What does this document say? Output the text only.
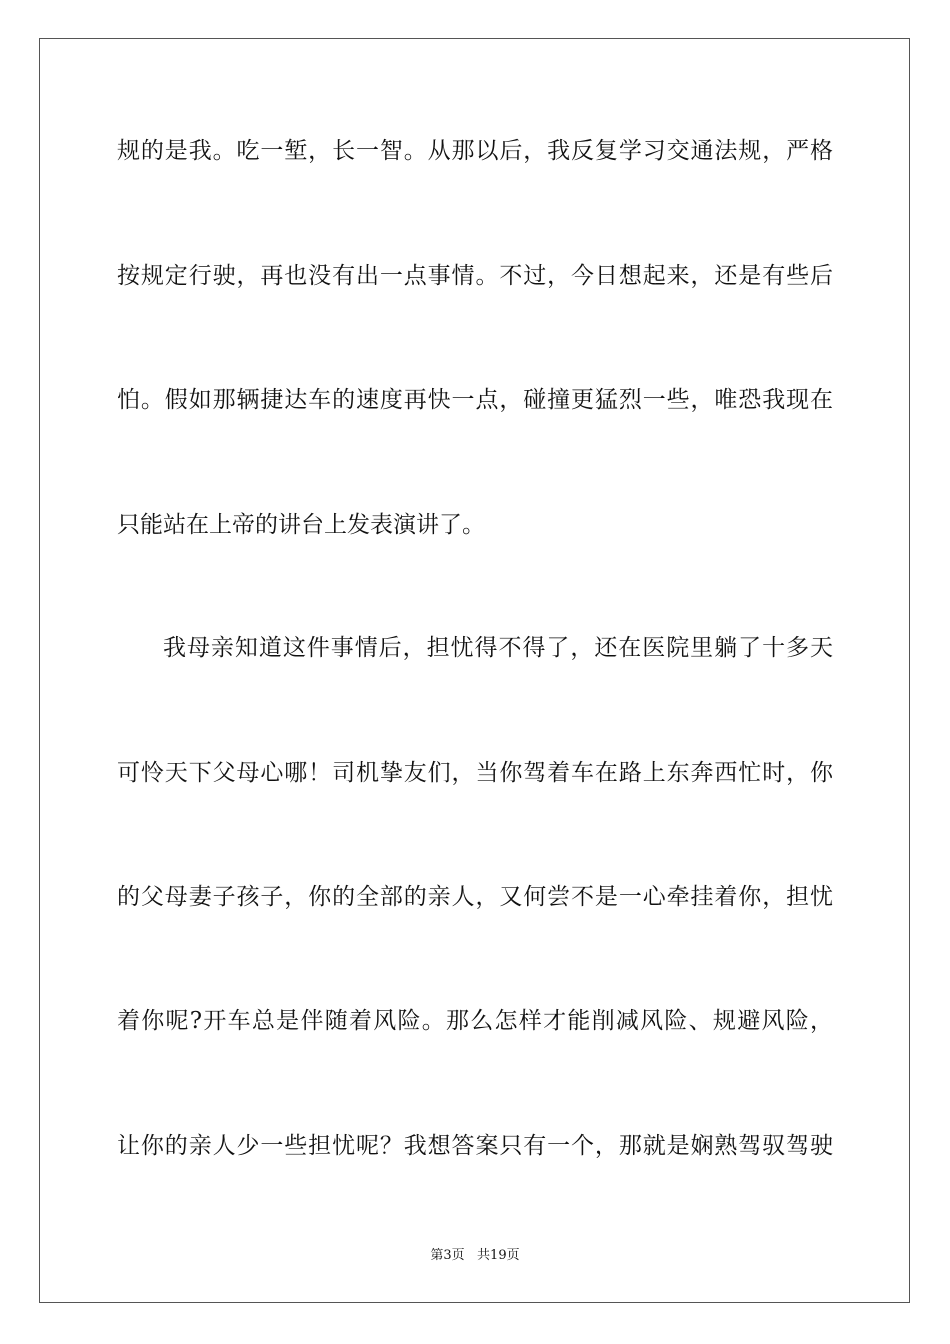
规的是我。吃一堑，长一智。从那以后，我反复学习交通法规，严格
按规定行驶，再也没有出一点事情。不过，今日想起来，还是有些后
怕。假如那辆捷达车的速度再快一点，碰撞更猛烈一些，唯恐我现在
只能站在上帝的讲台上发表演讲了。
我母亲知道这件事情后，担忧得不得了，还在医院里躺了十多天
可怜天下父母心哪！司机挚友们，当你驾着车在路上东奔西忙时，你
的父母妻子孩子，你的全部的亲人，又何尝不是一心牵挂着你，担忧
着你呢?开车总是伴随着风险。那么怎样才能削减风险、规避风险，
让你的亲人少一些担忧呢？我想答案只有一个，那就是娴熟驾驭驾驶
第3页   共19页
